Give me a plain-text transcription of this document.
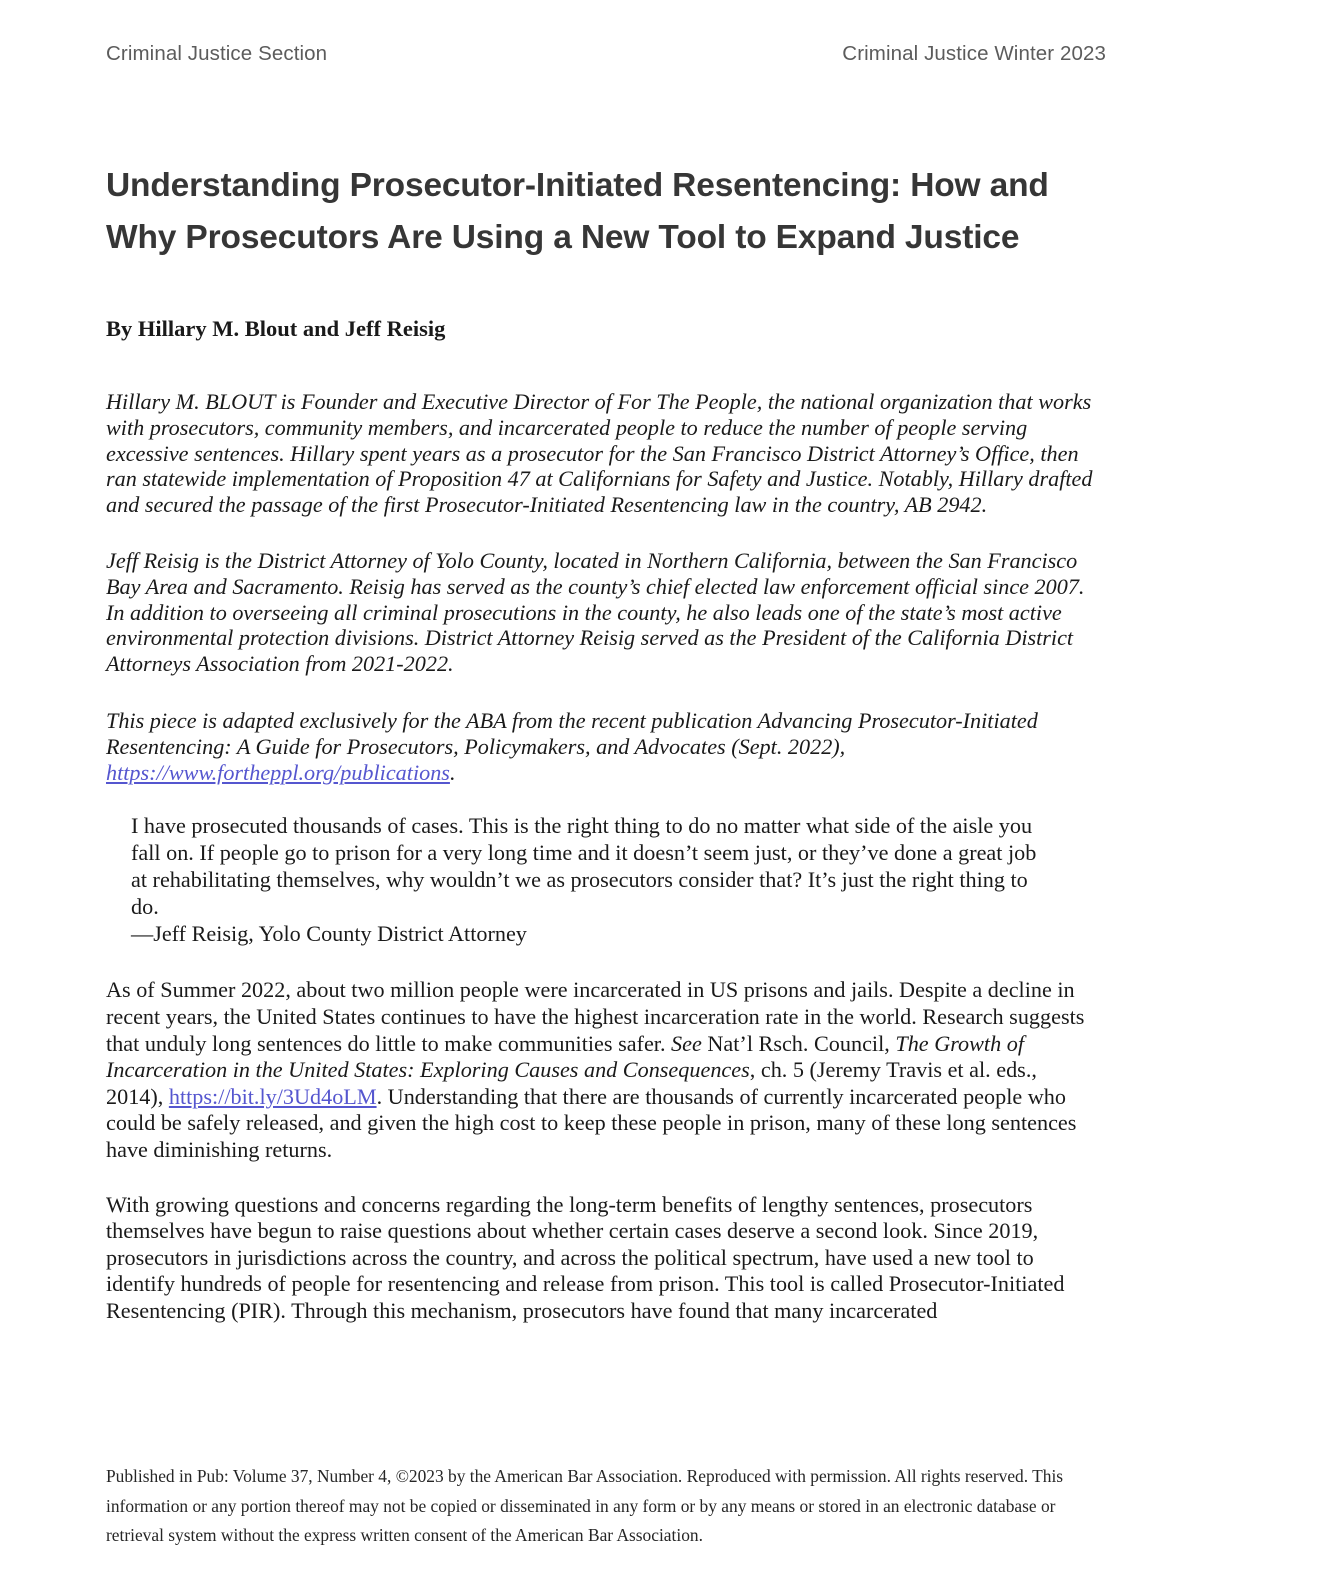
Criminal Justice Section	Criminal Justice Winter 2023
Understanding Prosecutor-Initiated Resentencing: How and Why Prosecutors Are Using a New Tool to Expand Justice

By Hillary M. Blout and Jeff Reisig

Hillary M. BLOUT is Founder and Executive Director of For The People, the national organization that works with prosecutors, community members, and incarcerated people to reduce the number of people serving excessive sentences. Hillary spent years as a prosecutor for the San Francisco District Attorney’s Office, then ran statewide implementation of Proposition 47 at Californians for Safety and Justice. Notably, Hillary drafted and secured the passage of the first Prosecutor-Initiated Resentencing law in the country, AB 2942.

Jeff Reisig is the District Attorney of Yolo County, located in Northern California, between the San Francisco Bay Area and Sacramento. Reisig has served as the county’s chief elected law enforcement official since 2007. In addition to overseeing all criminal prosecutions in the county, he also leads one of the state’s most active environmental protection divisions. District Attorney Reisig served as the President of the California District Attorneys Association from 2021-2022.

This piece is adapted exclusively for the ABA from the recent publication Advancing Prosecutor-Initiated Resentencing: A Guide for Prosecutors, Policymakers, and Advocates (Sept. 2022), https://www.fortheppl.org/publications.

I have prosecuted thousands of cases. This is the right thing to do no matter what side of the aisle you fall on. If people go to prison for a very long time and it doesn’t seem just, or they’ve done a great job at rehabilitating themselves, why wouldn’t we as prosecutors consider that? It’s just the right thing to do.
—Jeff Reisig, Yolo County District Attorney

As of Summer 2022, about two million people were incarcerated in US prisons and jails. Despite a decline in recent years, the United States continues to have the highest incarceration rate in the world. Research suggests that unduly long sentences do little to make communities safer. See Nat’l Rsch. Council, The Growth of Incarceration in the United States: Exploring Causes and Consequences, ch. 5 (Jeremy Travis et al. eds., 2014), https://bit.ly/3Ud4oLM. Understanding that there are thousands of currently incarcerated people who could be safely released, and given the high cost to keep these people in prison, many of these long sentences have diminishing returns.

With growing questions and concerns regarding the long-term benefits of lengthy sentences, prosecutors themselves have begun to raise questions about whether certain cases deserve a second look. Since 2019, prosecutors in jurisdictions across the country, and across the political spectrum, have used a new tool to identify hundreds of people for resentencing and release from prison. This tool is called Prosecutor-Initiated Resentencing (PIR). Through this mechanism, prosecutors have found that many incarcerated

Published in Pub: Volume 37, Number 4, ©2023 by the American Bar Association. Reproduced with permission. All rights reserved. This information or any portion thereof may not be copied or disseminated in any form or by any means or stored in an electronic database or retrieval system without the express written consent of the American Bar Association.
